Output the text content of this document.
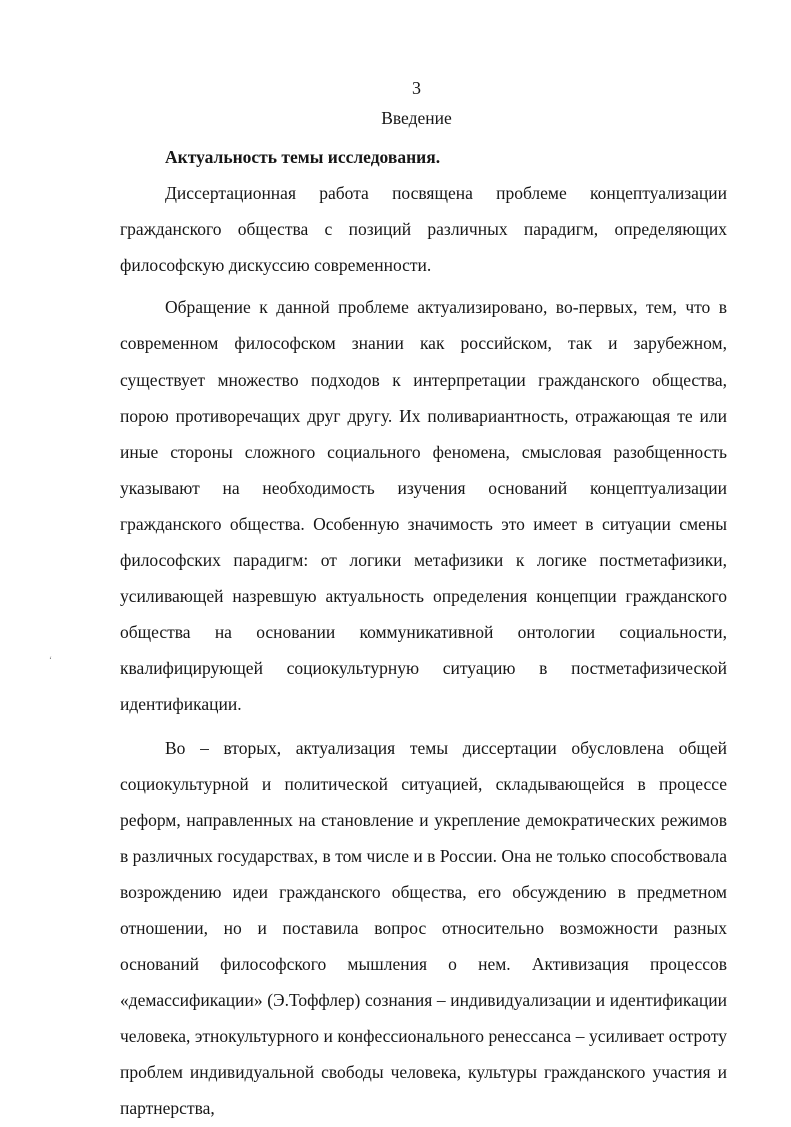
3
Введение
ʻ

Актуальность темы исследования.

Диссертационная работа посвящена проблеме концептуализации гражданского общества с позиций различных парадигм, определяющих философскую дискуссию современности.

Обращение к данной проблеме актуализировано, во-первых, тем, что в современном философском знании как российском, так и зарубежном, существует множество подходов к интерпретации гражданского общества, порою противоречащих друг другу. Их поливариантность, отражающая те или иные стороны сложного социального феномена, смысловая разобщенность указывают на необходимость изучения оснований концептуализации гражданского общества. Особенную значимость это имеет в ситуации смены философских парадигм: от логики метафизики к логике постметафизики, усиливающей назревшую актуальность определения концепции гражданского общества на основании коммуникативной онтологии социальности, квалифицирующей социокультурную ситуацию в постметафизической идентификации.

Во – вторых, актуализация темы диссертации обусловлена общей социокультурной и политической ситуацией, складывающейся в процессе реформ, направленных на становление и укрепление демократических режимов в различных государствах, в том числе и в России. Она не только способствовала возрождению идеи гражданского общества, его обсуждению в предметном отношении, но и поставила вопрос относительно возможности разных оснований философского мышления о нем. Активизация процессов «демассификации» (Э.Тоффлер) сознания – индивидуализации и идентификации человека, этнокультурного и конфессионального ренессанса – усиливает остроту проблем индивидуальной свободы человека, культуры гражданского участия и партнерства,
